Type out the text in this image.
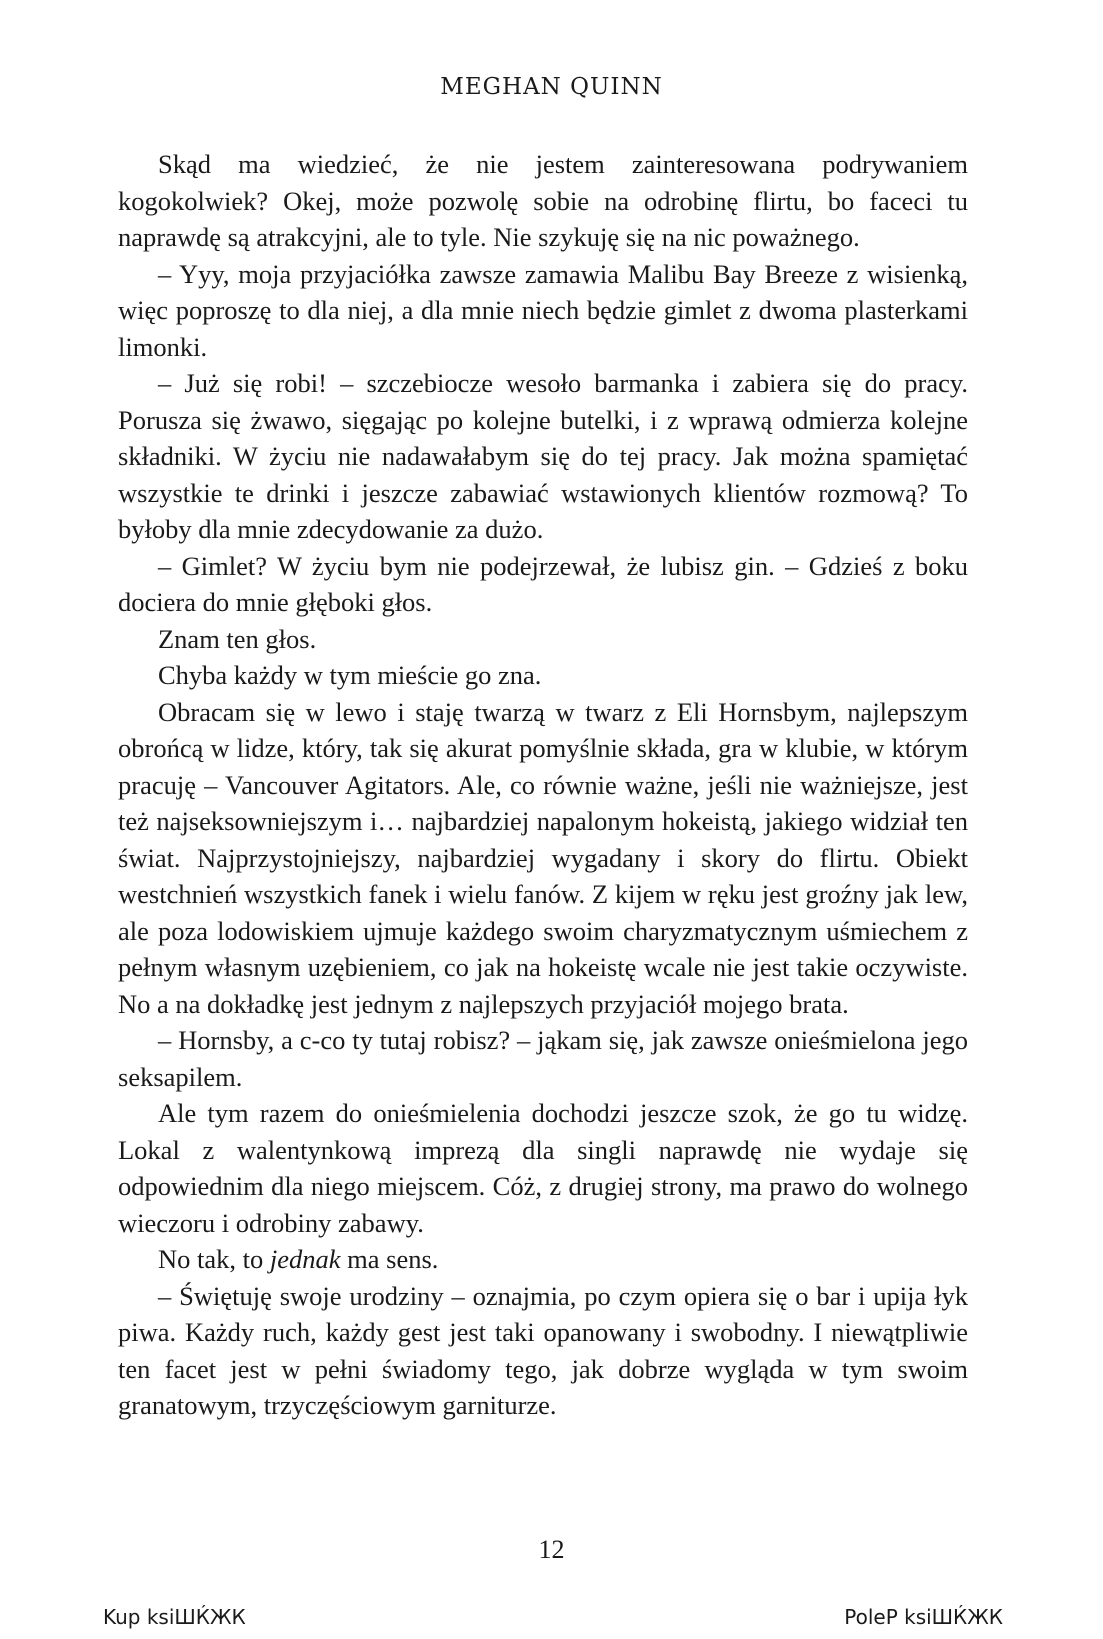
MEGHAN QUINN

Skąd ma wiedzieć, że nie jestem zainteresowana podrywaniem kogokolwiek? Okej, może pozwolę sobie na odrobinę flirtu, bo faceci tu naprawdę są atrakcyjni, ale to tyle. Nie szykuję się na nic poważnego.

– Yyy, moja przyjaciółka zawsze zamawia Malibu Bay Breeze z wisienką, więc poproszę to dla niej, a dla mnie niech będzie gimlet z dwoma plasterkami limonki.

– Już się robi! – szczebiocze wesoło barmanka i zabiera się do pracy. Porusza się żwawo, sięgając po kolejne butelki, i z wprawą odmierza kolejne składniki. W życiu nie nadawałabym się do tej pracy. Jak można spamiętać wszystkie te drinki i jeszcze zabawiać wstawionych klientów rozmową? To byłoby dla mnie zdecydowanie za dużo.

– Gimlet? W życiu bym nie podejrzewał, że lubisz gin. – Gdzieś z boku dociera do mnie głęboki głos.

Znam ten głos.

Chyba każdy w tym mieście go zna.

Obracam się w lewo i staję twarzą w twarz z Eli Hornsbym, najlepszym obrońcą w lidze, który, tak się akurat pomyślnie składa, gra w klubie, w którym pracuję – Vancouver Agitators. Ale, co równie ważne, jeśli nie ważniejsze, jest też najseksowniejszym i… najbardziej napalonym hokeistą, jakiego widział ten świat. Najprzystojniejszy, najbardziej wygadany i skory do flirtu. Obiekt westchnień wszystkich fanek i wielu fanów. Z kijem w ręku jest groźny jak lew, ale poza lodowiskiem ujmuje każdego swoim charyzmatycznym uśmiechem z pełnym własnym uzębieniem, co jak na hokeistę wcale nie jest takie oczywiste. No a na dokładkę jest jednym z najlepszych przyjaciół mojego brata.

– Hornsby, a c-co ty tutaj robisz? – jąkam się, jak zawsze onieśmielona jego seksapilem.

Ale tym razem do onieśmielenia dochodzi jeszcze szok, że go tu widzę. Lokal z walentynkową imprezą dla singli naprawdę nie wydaje się odpowiednim dla niego miejscem. Cóż, z drugiej strony, ma prawo do wolnego wieczoru i odrobiny zabawy.

No tak, to jednak ma sens.

– Świętuję swoje urodziny – oznajmia, po czym opiera się o bar i upija łyk piwa. Każdy ruch, każdy gest jest taki opanowany i swobodny. I niewątpliwie ten facet jest w pełni świadomy tego, jak dobrze wygląda w tym swoim granatowym, trzyczęściowym garniturze.

12
Kup ksiШЌЖК	PoleР ksiШЌЖК
